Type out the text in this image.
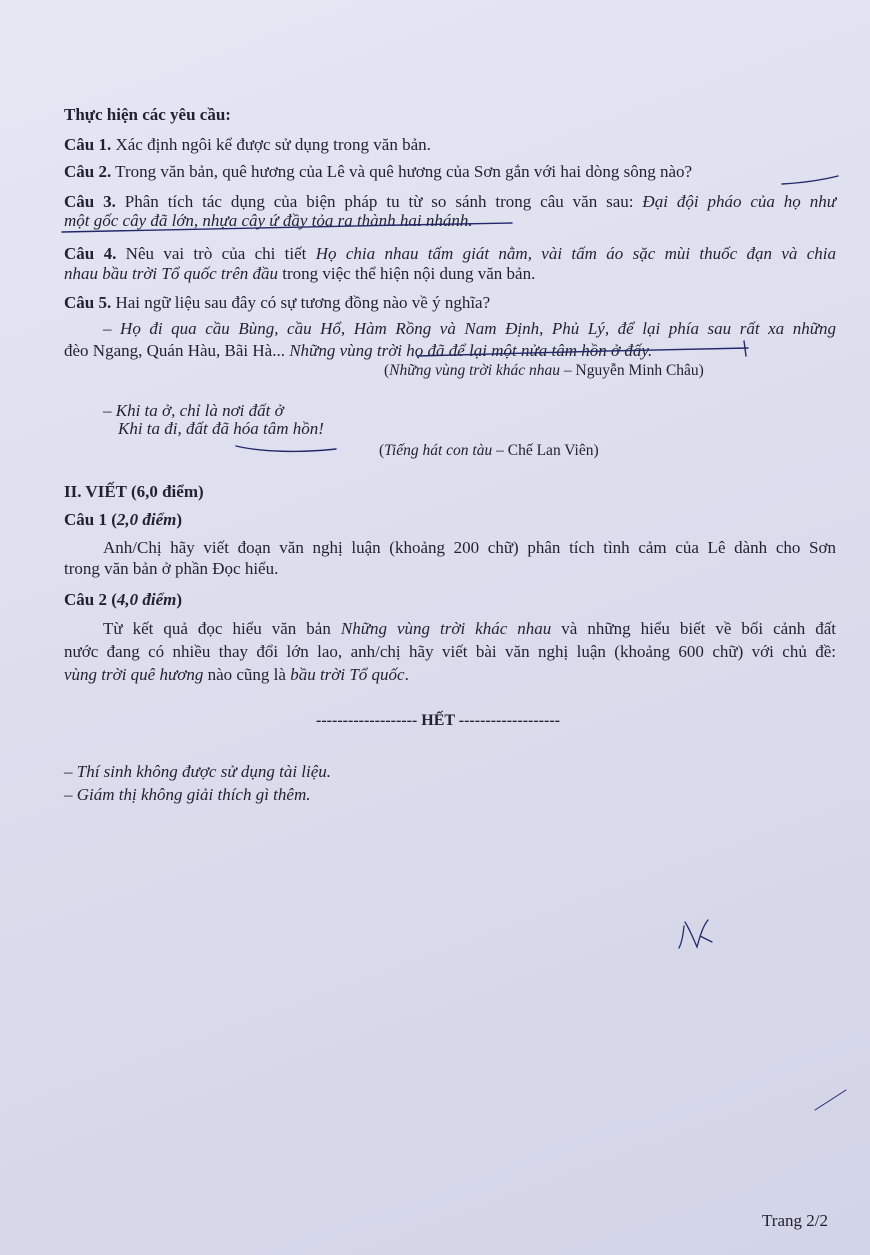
Thực hiện các yêu cầu:
Câu 1. Xác định ngôi kể được sử dụng trong văn bản.
Câu 2. Trong văn bản, quê hương của Lê và quê hương của Sơn gắn với hai dòng sông nào?
Câu 3. Phân tích tác dụng của biện pháp tu từ so sánh trong câu văn sau: Đại đội pháo của họ như
một gốc cây đã lớn, nhựa cây ứ đầy tỏa ra thành hai nhánh.
Câu 4. Nêu vai trò của chi tiết Họ chia nhau tấm giát nằm, vài tấm áo sặc mùi thuốc đạn và chia
nhau bầu trời Tổ quốc trên đầu trong việc thể hiện nội dung văn bản.
Câu 5. Hai ngữ liệu sau đây có sự tương đồng nào về ý nghĩa?
– Họ đi qua cầu Bùng, cầu Hổ, Hàm Rồng và Nam Định, Phủ Lý, để lại phía sau rất xa những
đèo Ngang, Quán Hàu, Bãi Hà... Những vùng trời họ đã để lại một nửa tâm hồn ở đấy.
(Những vùng trời khác nhau – Nguyễn Minh Châu)
– Khi ta ở, chỉ là nơi đất ở
Khi ta đi, đất đã hóa tâm hồn!
(Tiếng hát con tàu – Chế Lan Viên)
II. VIẾT (6,0 điểm)
Câu 1 (2,0 điểm)
Anh/Chị hãy viết đoạn văn nghị luận (khoảng 200 chữ) phân tích tình cảm của Lê dành cho Sơn
trong văn bản ở phần Đọc hiểu.
Câu 2 (4,0 điểm)
Từ kết quả đọc hiểu văn bản Những vùng trời khác nhau và những hiểu biết về bối cảnh đất
nước đang có nhiều thay đổi lớn lao, anh/chị hãy viết bài văn nghị luận (khoảng 600 chữ) với chủ đề:
vùng trời quê hương nào cũng là bầu trời Tổ quốc.
------------------- HẾT -------------------
– Thí sinh không được sử dụng tài liệu.
– Giám thị không giải thích gì thêm.
Trang 2/2
